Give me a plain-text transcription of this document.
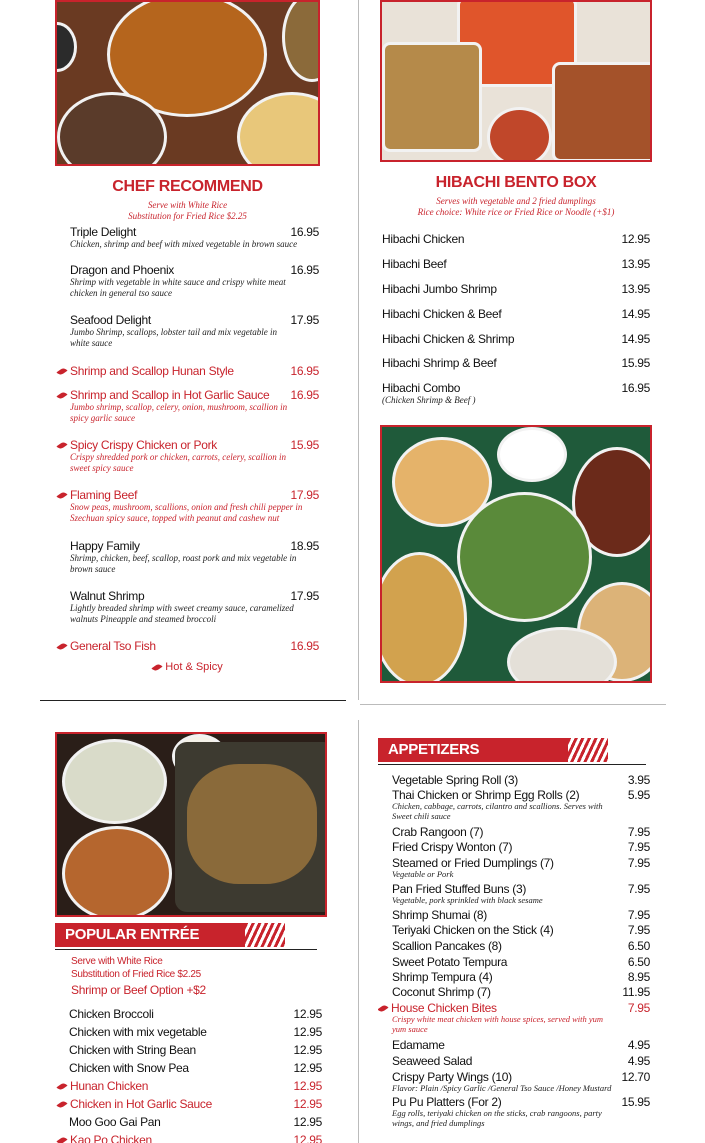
CHEF RECOMMEND
Serve with White Rice
Substitution for Fried Rice $2.25
Triple Delight	16.95
Chicken, shrimp and beef with mixed vegetable in brown sauce
Dragon and Phoenix	16.95
Shrimp with vegetable in white sauce and crispy white meat chicken in general tso sauce
Seafood Delight	17.95
Jumbo Shrimp, scallops, lobster tail and mix vegetable in white sauce
Shrimp and Scallop Hunan Style	16.95
Shrimp and Scallop in Hot Garlic Sauce	16.95
Jumbo shrimp, scallop, celery, onion, mushroom, scallion in spicy garlic sauce
Spicy Crispy Chicken or Pork	15.95
Crispy shredded pork or chicken, carrots, celery, scallion in sweet spicy sauce
Flaming Beef	17.95
Snow peas, mushroom, scallions, onion and fresh chili pepper in Szechuan spicy sauce, topped with peanut and cashew nut
Happy Family	18.95
Shrimp, chicken, beef, scallop, roast pork and mix vegetable in brown sauce
Walnut Shrimp	17.95
Lightly breaded shrimp with sweet creamy sauce, caramelized walnuts Pineapple and steamed broccoli
General Tso Fish	16.95
Hot & Spicy
HIBACHI BENTO BOX
Serves with vegetable and 2 fried dumplings
Rice choice: White rice or Fried Rice or Noodle (+$1)
Hibachi Chicken	12.95
Hibachi Beef	13.95
Hibachi Jumbo Shrimp	13.95
Hibachi Chicken & Beef	14.95
Hibachi Chicken & Shrimp	14.95
Hibachi Shrimp & Beef	15.95
Hibachi Combo	16.95
(Chicken Shrimp & Beef )
POPULAR ENTRÉE
Serve with White Rice
Substitution of Fried Rice $2.25
Shrimp or Beef Option +$2
Chicken Broccoli	12.95
Chicken with mix vegetable	12.95
Chicken with String Bean	12.95
Chicken with Snow Pea	12.95
Hunan Chicken	12.95
Chicken in Hot Garlic Sauce	12.95
Moo Goo Gai Pan	12.95
Kao Po Chicken	12.95
APPETIZERS
Vegetable Spring Roll (3)	3.95
Thai Chicken or Shrimp Egg Rolls (2)	5.95
Chicken, cabbage, carrots, cilantro and scallions. Serves with Sweet chili sauce
Crab Rangoon (7)	7.95
Fried Crispy Wonton (7)	7.95
Steamed or Fried Dumplings (7)	7.95
Vegetable or Pork
Pan Fried Stuffed Buns (3)	7.95
Vegetable, pork sprinkled with black sesame
Shrimp Shumai (8)	7.95
Teriyaki Chicken on the Stick (4)	7.95
Scallion Pancakes (8)	6.50
Sweet Potato Tempura	6.50
Shrimp Tempura (4)	8.95
Coconut Shrimp (7)	11.95
House Chicken Bites	7.95
Crispy white meat chicken with house spices, served with yum yum sauce
Edamame	4.95
Seaweed Salad	4.95
Crispy Party Wings (10)	12.70
Flavor: Plain /Spicy Garlic /General Tso Sauce /Honey Mustard
Pu Pu Platters (For 2)	15.95
Egg rolls, teriyaki chicken on the sticks, crab rangoons, party wings, and fried dumplings
